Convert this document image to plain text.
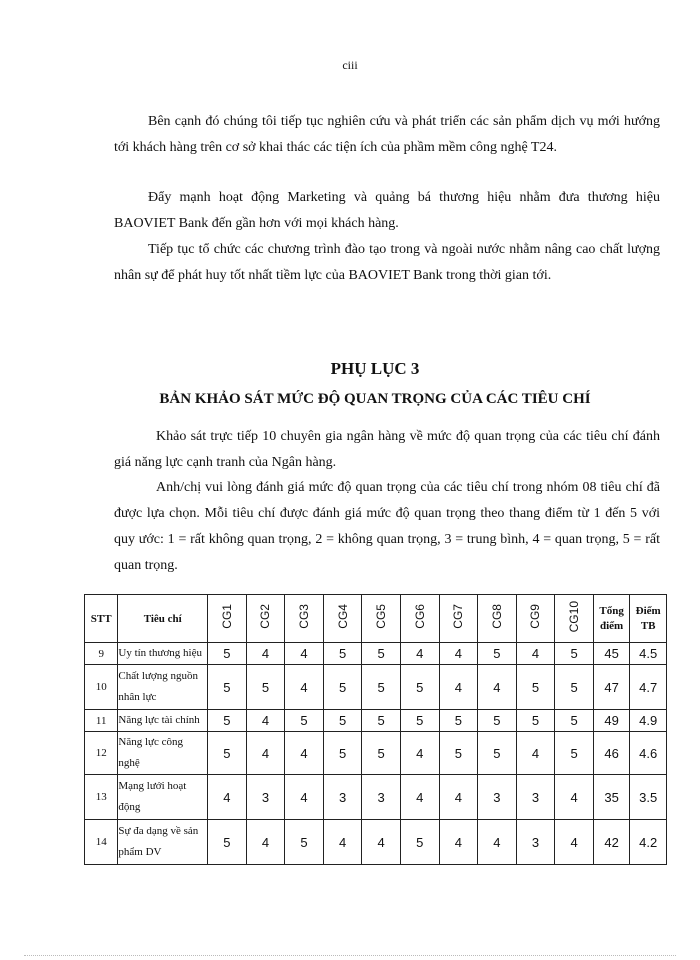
ciii

Bên cạnh đó chúng tôi tiếp tục nghiên cứu và phát triển các sản phẩm dịch vụ mới hướng tới khách hàng trên cơ sở khai thác các tiện ích của phầm mềm công nghệ T24.

Đẩy mạnh hoạt động Marketing và quảng bá thương hiệu nhằm đưa thương hiệu BAOVIET Bank đến gần hơn với mọi khách hàng.

Tiếp tục tổ chức các chương trình đào tạo trong và ngoài nước nhằm nâng cao chất lượng nhân sự để phát huy tốt nhất tiềm lực của BAOVIET Bank trong thời gian tới.

PHỤ LỤC 3
BẢN KHẢO SÁT MỨC ĐỘ QUAN TRỌNG CỦA CÁC TIÊU CHÍ

Khảo sát trực tiếp 10 chuyên gia ngân hàng về mức độ quan trọng của các tiêu chí đánh giá năng lực cạnh tranh của Ngân hàng.

Anh/chị vui lòng đánh giá mức độ quan trọng của các tiêu chí trong nhóm 08 tiêu chí đã được lựa chọn. Mỗi tiêu chí được đánh giá mức độ quan trọng theo thang điểm từ 1 đến 5 với quy ước: 1 = rất không quan trọng, 2 = không quan trọng, 3 = trung bình, 4 = quan trọng, 5 = rất quan trọng.

STT	Tiêu chí	CG1	CG2	CG3	CG4	CG5	CG6	CG7	CG8	CG9	CG10	Tổng điểm	Điểm TB
9	Uy tín thương hiệu	5	4	4	5	5	4	4	5	4	5	45	4.5
10	Chất lượng nguồn nhân lực	5	5	4	5	5	5	4	4	5	5	47	4.7
11	Năng lực tài chính	5	4	5	5	5	5	5	5	5	5	49	4.9
12	Năng lực công nghệ	5	4	4	5	5	4	5	5	4	5	46	4.6
13	Mạng lưới hoạt động	4	3	4	3	3	4	4	3	3	4	35	3.5
14	Sự đa dạng về sản phẩm DV	5	4	5	4	4	5	4	4	3	4	42	4.2
